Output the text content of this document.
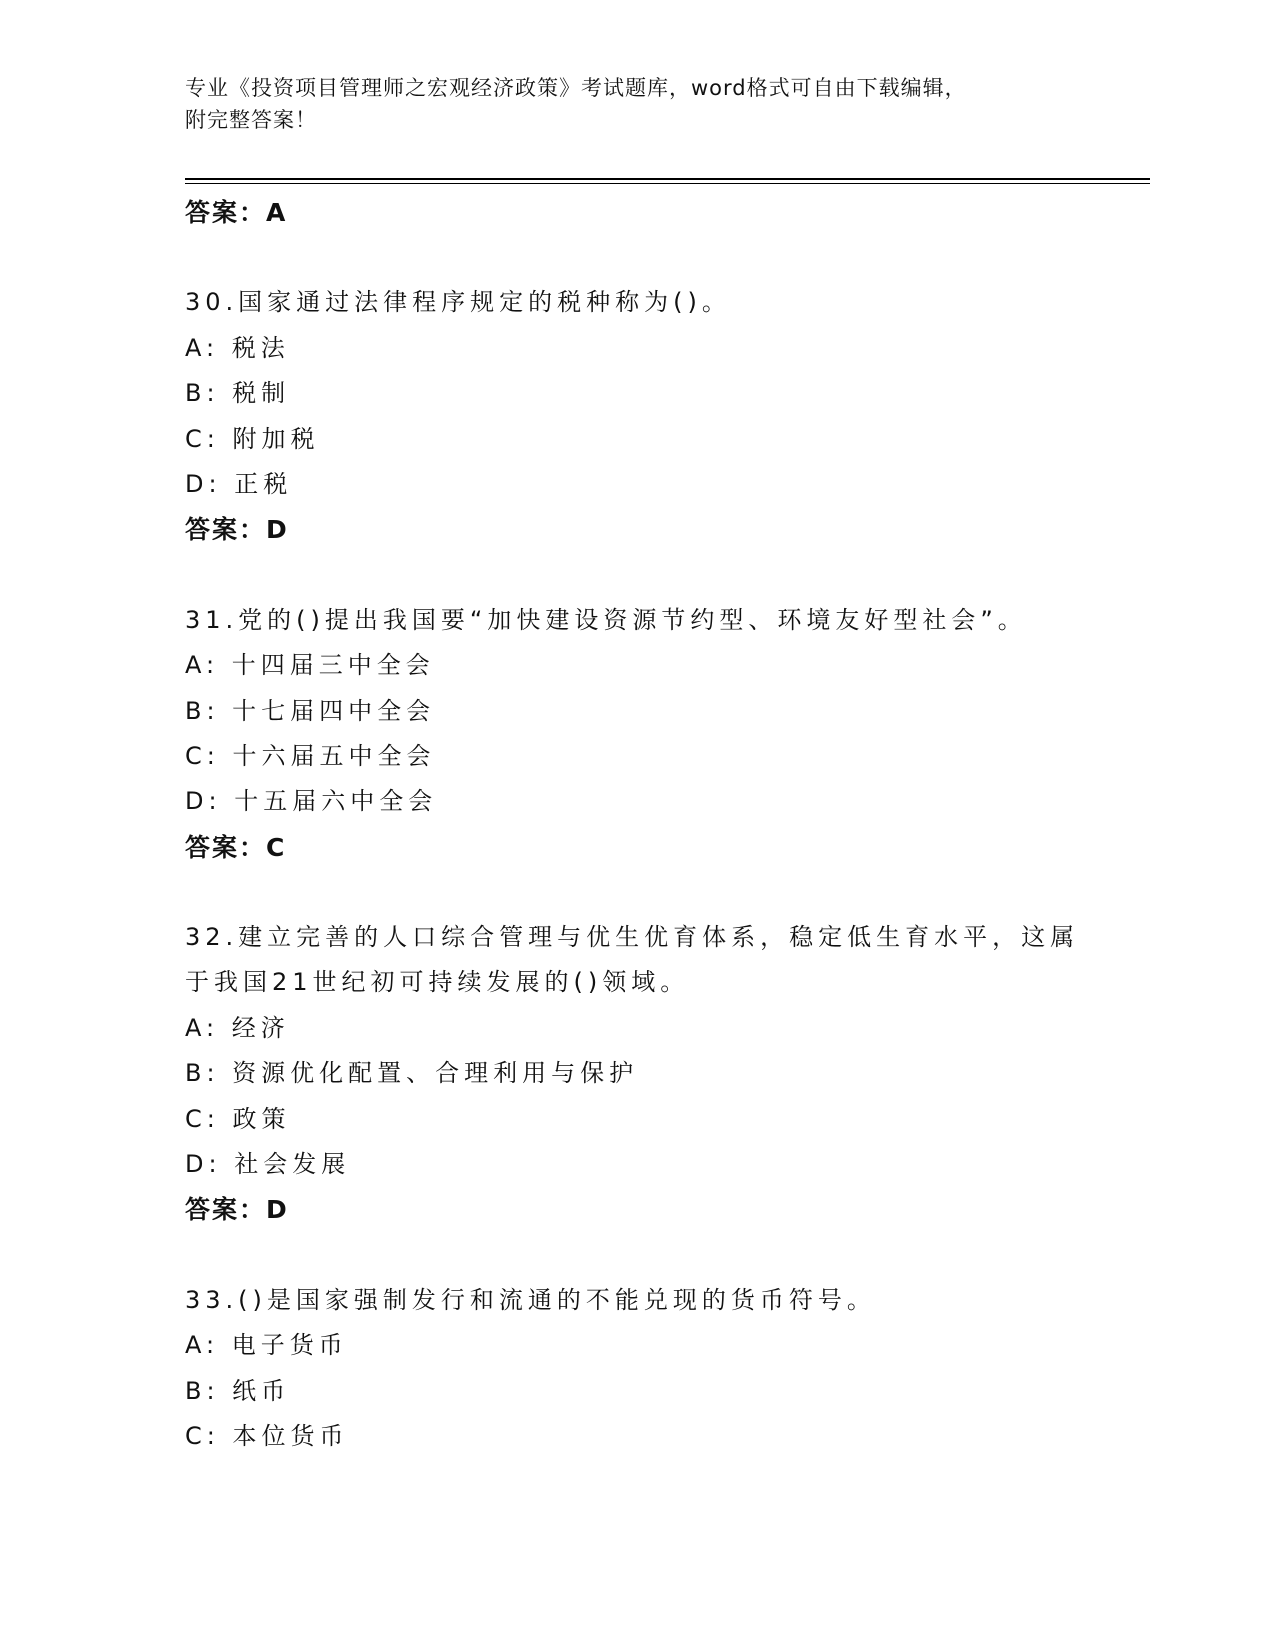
专业《投资项目管理师之宏观经济政策》考试题库，word格式可自由下载编辑，
附完整答案！
答案：A
30.国家通过法律程序规定的税种称为()。
A: 税法
B: 税制
C: 附加税
D: 正税
答案：D
31.党的()提出我国要“加快建设资源节约型、环境友好型社会”。
A: 十四届三中全会
B: 十七届四中全会
C: 十六届五中全会
D: 十五届六中全会
答案：C
32.建立完善的人口综合管理与优生优育体系，稳定低生育水平，这属
于我国21世纪初可持续发展的()领域。
A: 经济
B: 资源优化配置、合理利用与保护
C: 政策
D: 社会发展
答案：D
33.()是国家强制发行和流通的不能兑现的货币符号。
A: 电子货币
B: 纸币
C: 本位货币
